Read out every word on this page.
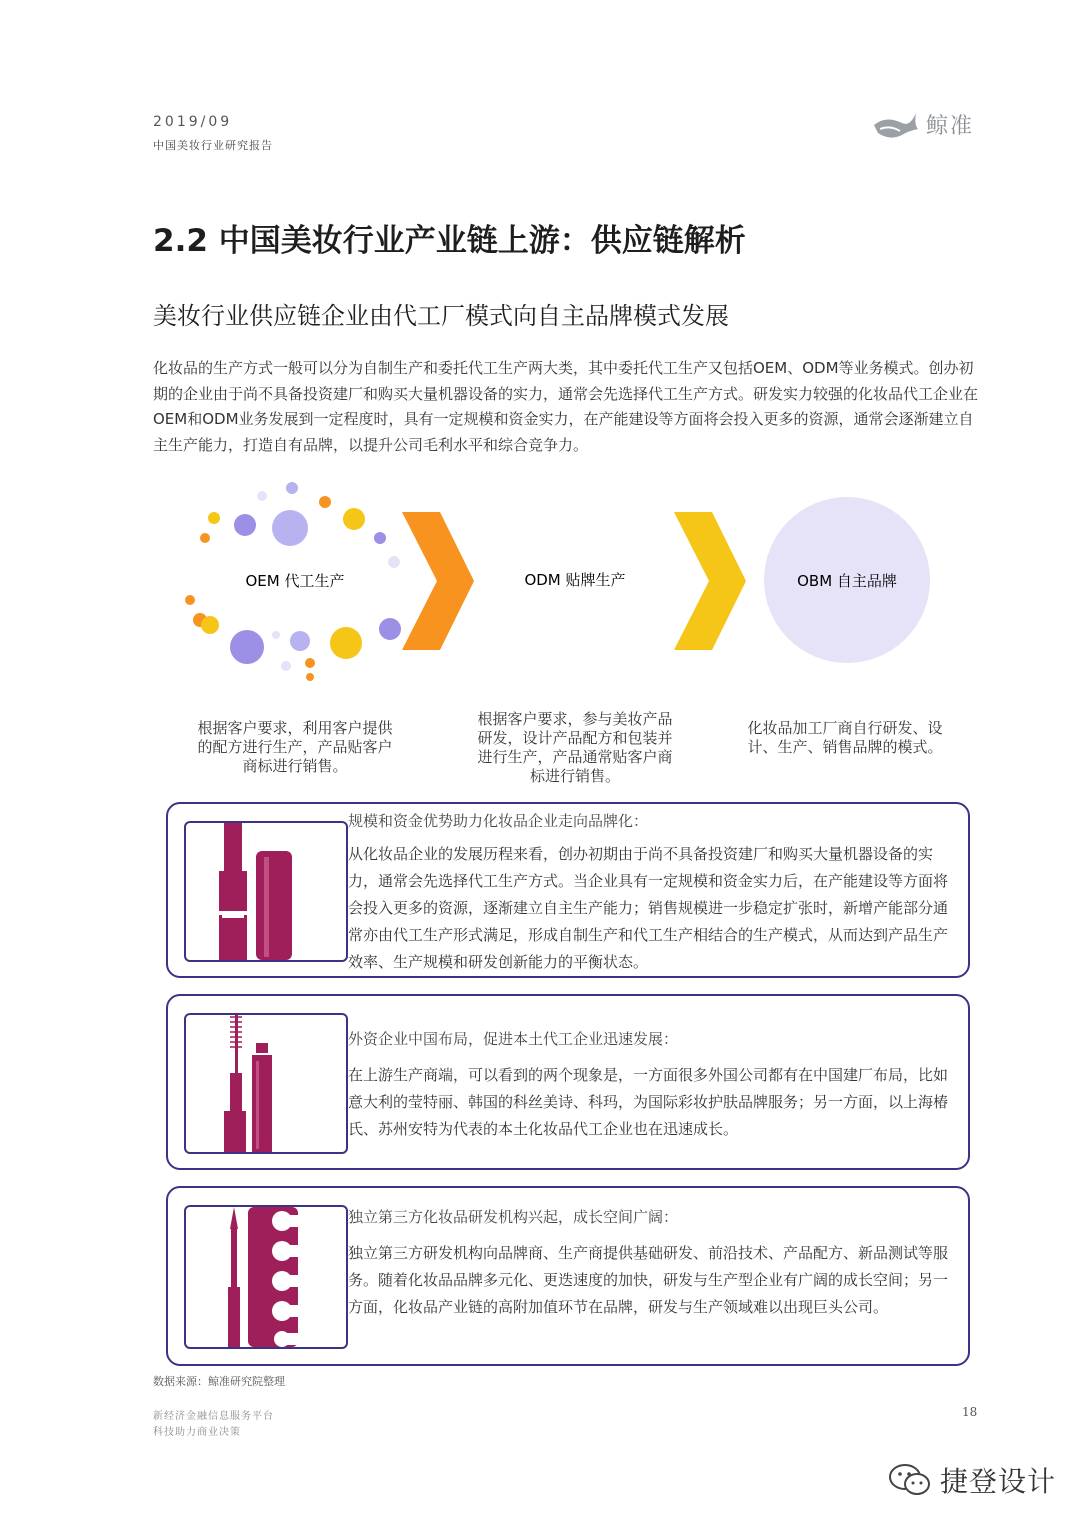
2019/09
中国美妆行业研究报告
鲸准
2.2 中国美妆行业产业链上游：供应链解析
美妆行业供应链企业由代工厂模式向自主品牌模式发展
化妆品的生产方式一般可以分为自制生产和委托代工生产两大类，其中委托代工生产又包括OEM、ODM等业务模式。创办初期的企业由于尚不具备投资建厂和购买大量机器设备的实力，通常会先选择代工生产方式。研发实力较强的化妆品代工企业在OEM和ODM业务发展到一定程度时，具有一定规模和资金实力，在产能建设等方面将会投入更多的资源，通常会逐渐建立自主生产能力，打造自有品牌，以提升公司毛利水平和综合竞争力。
OEM 代工生产	ODM 贴牌生产	OBM 自主品牌
根据客户要求，利用客户提供的配方进行生产，产品贴客户商标进行销售。
根据客户要求，参与美妆产品研发，设计产品配方和包装并进行生产，产品通常贴客户商标进行销售。
化妆品加工厂商自行研发、设计、生产、销售品牌的模式。
规模和资金优势助力化妆品企业走向品牌化：
从化妆品企业的发展历程来看，创办初期由于尚不具备投资建厂和购买大量机器设备的实力，通常会先选择代工生产方式。当企业具有一定规模和资金实力后，在产能建设等方面将会投入更多的资源，逐渐建立自主生产能力；销售规模进一步稳定扩张时，新增产能部分通常亦由代工生产形式满足，形成自制生产和代工生产相结合的生产模式，从而达到产品生产效率、生产规模和研发创新能力的平衡状态。
外资企业中国布局，促进本土代工企业迅速发展：
在上游生产商端，可以看到的两个现象是，一方面很多外国公司都有在中国建厂布局，比如意大利的莹特丽、韩国的科丝美诗、科玛，为国际彩妆护肤品牌服务；另一方面，以上海椿氏、苏州安特为代表的本土化妆品代工企业也在迅速成长。
独立第三方化妆品研发机构兴起，成长空间广阔：
独立第三方研发机构向品牌商、生产商提供基础研发、前沿技术、产品配方、新品测试等服务。随着化妆品品牌多元化、更迭速度的加快，研发与生产型企业有广阔的成长空间；另一方面，化妆品产业链的高附加值环节在品牌，研发与生产领域难以出现巨头公司。
数据来源：鲸准研究院整理
新经济金融信息服务平台
科技助力商业决策
18
捷登设计
